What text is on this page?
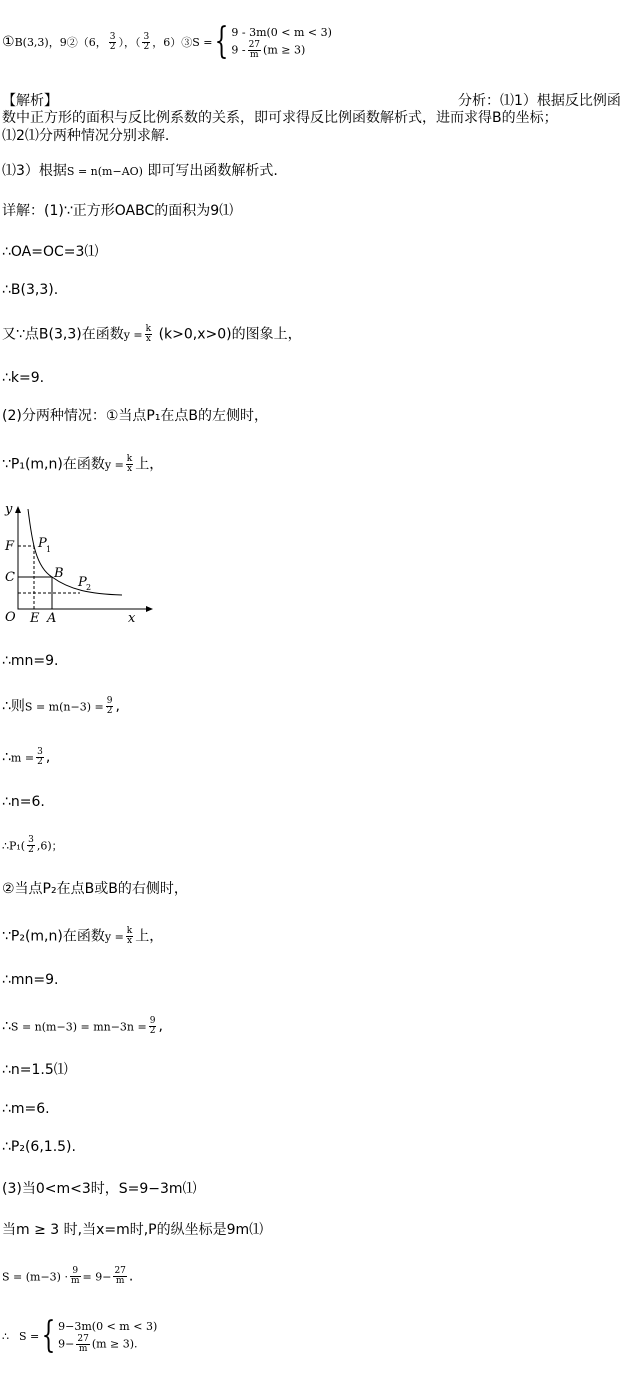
①B(3,3)，9②（6， $\frac{3}{2}$ ），（ $\frac{3}{2}$ ，6）③S ={ 9 - 3m(0 < m < 3)
$9 - \frac{27}{m} (m \ge 3)$
【解析】	分析：⑴1）根据反比例函
数中正方形的面积与反比例系数的关系，即可求得反比例函数解析式，进而求得B的坐标；
⑴2⑴分两种情况分别求解.
⑴3）根据S = n(m−AO) 即可写出函数解析式.
详解：(1)∵正方形OABC的面积为9⑴
∴OA=OC=3⑴
∴B(3,3).
又∵点B(3,3)在函数$y = \frac{k}{x} (k>0,x>0)$的图象上，
∴k=9.
(2)分两种情况：①当点P₁在点B的左侧时，
∵P₁(m,n)在函数$y = \frac{k}{x}$ 上，
y
F
C
O E A	x
B
P 1
P 2
∴mn=9.
∴则$S = m(n-3) = \frac{9}{2}$ ,
∴m = $\frac{3}{2}$ ,
∴n=6.
∴P₁( $\frac{3}{2} ,6$)；
②当点P₂在点B或B的右侧时，
∵P₂(m,n)在函数$y = \frac{k}{x}$ 上，
∴mn=9.
∴S = $n(m-3) = mn-3n = \frac{9}{2}$ ,
∴n=1.5⑴
∴m=6.
∴P₂(6,1.5).
(3)当0<m<3时，S=9−3m⑴
当m ≥ 3 时,当x=m时,P的纵坐标是9m⑴
$S = (m-3) \cdot \frac{9}{m} = 9- \frac{27}{m}$ .
∴ S ={ 9−3m(0 < m < 3)
$9- \frac{27}{m} (m \ge 3)$.
